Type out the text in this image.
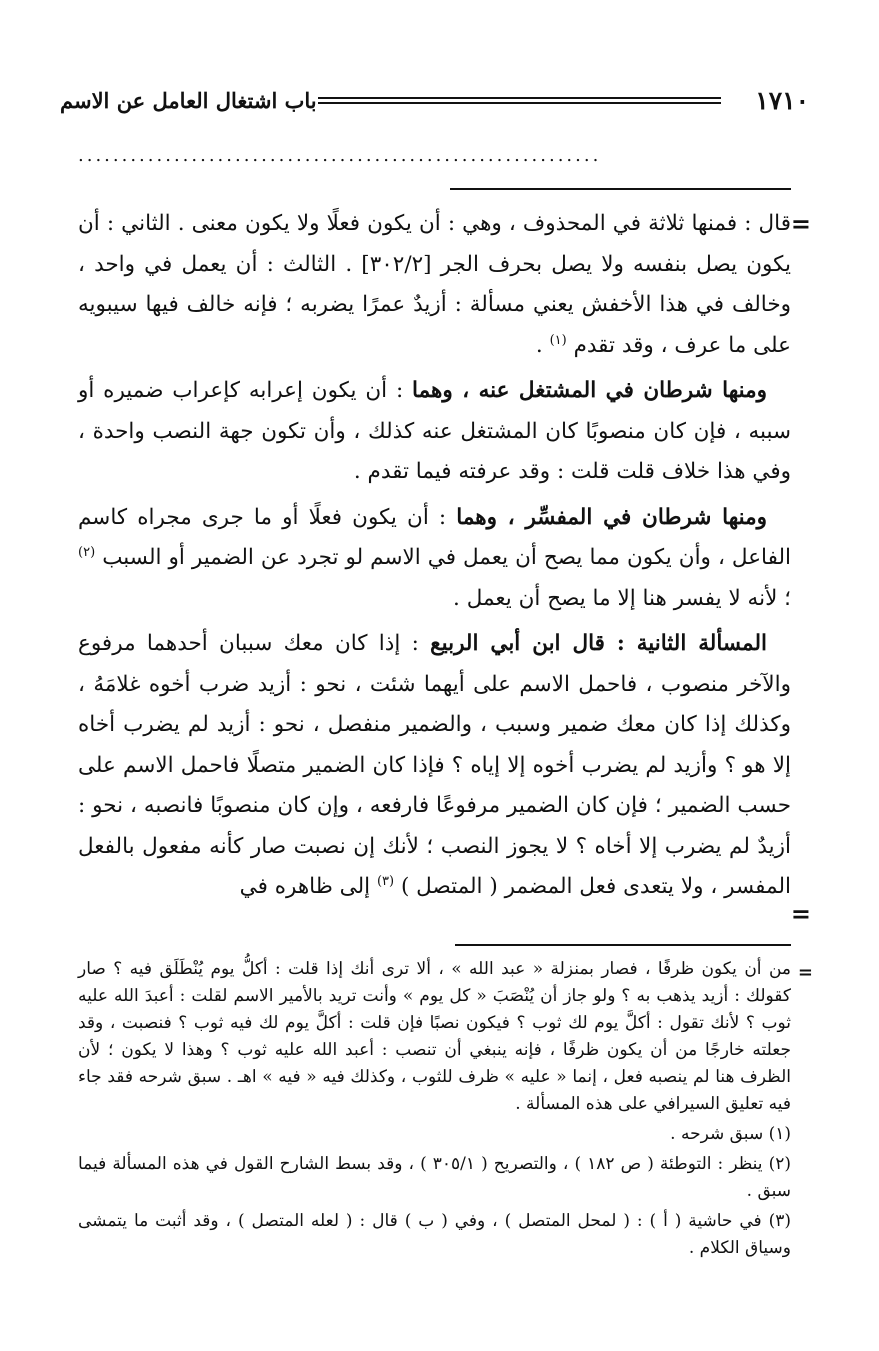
١٧١٠
باب اشتغال العامل عن الاسم
............................................................
=

قال : فمنها ثلاثة في المحذوف ، وهي : أن يكون فعلًا ولا يكون معنى . الثاني : أن يكون يصل بنفسه ولا يصل بحرف الجر [٣٠٢/٢] . الثالث : أن يعمل في واحد ، وخالف في هذا الأخفش يعني مسألة : أزيدٌ عمرًا يضربه ؛ فإنه خالف فيها سيبويه على ما عرف ، وقد تقدم $^{(١)}$ .

ومنها شرطان في المشتغل عنه ، وهما : أن يكون إعرابه كإعراب ضميره أو سببه ، فإن كان منصوبًا كان المشتغل عنه كذلك ، وأن تكون جهة النصب واحدة ، وفي هذا خلاف قلت قلت : وقد عرفته فيما تقدم .

ومنها شرطان في المفسِّر ، وهما : أن يكون فعلًا أو ما جرى مجراه كاسم الفاعل ، وأن يكون مما يصح أن يعمل في الاسم لو تجرد عن الضمير أو السبب $^{(٢)}$ ؛ لأنه لا يفسر هنا إلا ما يصح أن يعمل .

المسألة الثانية : قال ابن أبي الربيع : إذا كان معك سببان أحدهما مرفوع والآخر منصوب ، فاحمل الاسم على أيهما شئت ، نحو : أزيد ضرب أخوه غلامَهُ ، وكذلك إذا كان معك ضمير وسبب ، والضمير منفصل ، نحو : أزيد لم يضرب أخاه إلا هو ؟ وأزيد لم يضرب أخوه إلا إياه ؟ فإذا كان الضمير متصلًا فاحمل الاسم على حسب الضمير ؛ فإن كان الضمير مرفوعًا فارفعه ، وإن كان منصوبًا فانصبه ، نحو : أزيدٌ لم يضرب إلا أخاه ؟ لا يجوز النصب ؛ لأنك إن نصبت صار كأنه مفعول بالفعل المفسر ، ولا يتعدى فعل المضمر ( المتصل ) $^{(٣)}$ إلى ظاهره في

=
=

من أن يكون ظرفًا ، فصار بمنزلة « عبد الله » ، ألا ترى أنك إذا قلت : أكلُّ يوم يُنْطَلَق فيه ؟ صار كقولك : أزيد يذهب به ؟ ولو جاز أن يُنْصَبَ « كل يوم » وأنت تريد بالأمير الاسم لقلت : أعبدَ الله عليه ثوب ؟ لأنك تقول : أكلَّ يوم لك ثوب ؟ فيكون نصبًا فإن قلت : أكلَّ يوم لك فيه ثوب ؟ فنصبت ، وقد جعلته خارجًا من أن يكون ظرفًا ، فإنه ينبغي أن تنصب : أعبد الله عليه ثوب ؟ وهذا لا يكون ؛ لأن الظرف هنا لم ينصبه فعل ، إنما « عليه » ظرف للثوب ، وكذلك فيه « فيه » اهـ . سبق شرحه فقد جاء فيه تعليق السيرافي على هذه المسألة .

(١) سبق شرحه .

(٢) ينظر : التوطئة ( ص ١٨٢ ) ، والتصريح ( ٣٠٥/١ ) ، وقد بسط الشارح القول في هذه المسألة فيما سبق .

(٣) في حاشية ( أ ) : ( لمحل المتصل ) ، وفي ( ب ) قال : ( لعله المتصل ) ، وقد أثبت ما يتمشى وسياق الكلام .
